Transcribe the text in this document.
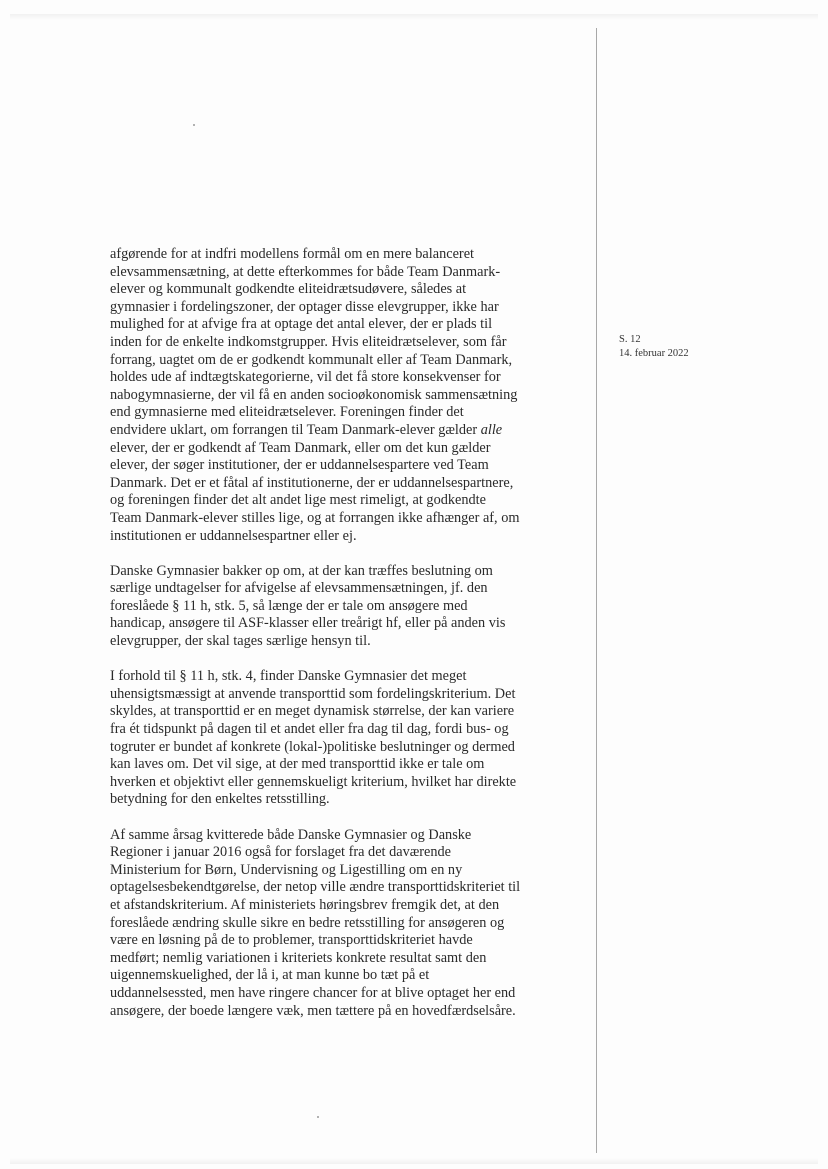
afgørende for at indfri modellens formål om en mere balanceret
elevsammensætning, at dette efterkommes for både Team Danmark-
elever og kommunalt godkendte eliteidrætsudøvere, således at
gymnasier i fordelingszoner, der optager disse elevgrupper, ikke har
mulighed for at afvige fra at optage det antal elever, der er plads til
inden for de enkelte indkomstgrupper. Hvis eliteidrætselever, som får
forrang, uagtet om de er godkendt kommunalt eller af Team Danmark,
holdes ude af indtægtskategorierne, vil det få store konsekvenser for
nabogymnasierne, der vil få en anden socioøkonomisk sammensætning
end gymnasierne med eliteidrætselever. Foreningen finder det
endvidere uklart, om forrangen til Team Danmark-elever gælder alle
elever, der er godkendt af Team Danmark, eller om det kun gælder
elever, der søger institutioner, der er uddannelsespartere ved Team
Danmark. Det er et fåtal af institutionerne, der er uddannelsespartnere,
og foreningen finder det alt andet lige mest rimeligt, at godkendte
Team Danmark-elever stilles lige, og at forrangen ikke afhænger af, om
institutionen er uddannelsespartner eller ej.

Danske Gymnasier bakker op om, at der kan træffes beslutning om
særlige undtagelser for afvigelse af elevsammensætningen, jf. den
foreslåede § 11 h, stk. 5, så længe der er tale om ansøgere med
handicap, ansøgere til ASF-klasser eller treårigt hf, eller på anden vis
elevgrupper, der skal tages særlige hensyn til.

I forhold til § 11 h, stk. 4, finder Danske Gymnasier det meget
uhensigtsmæssigt at anvende transporttid som fordelingskriterium. Det
skyldes, at transporttid er en meget dynamisk størrelse, der kan variere
fra ét tidspunkt på dagen til et andet eller fra dag til dag, fordi bus- og
togruter er bundet af konkrete (lokal-)politiske beslutninger og dermed
kan laves om. Det vil sige, at der med transporttid ikke er tale om
hverken et objektivt eller gennemskueligt kriterium, hvilket har direkte
betydning for den enkeltes retsstilling.

Af samme årsag kvitterede både Danske Gymnasier og Danske
Regioner i januar 2016 også for forslaget fra det daværende
Ministerium for Børn, Undervisning og Ligestilling om en ny
optagelsesbekendtgørelse, der netop ville ændre transporttidskriteriet til
et afstandskriterium. Af ministeriets høringsbrev fremgik det, at den
foreslåede ændring skulle sikre en bedre retsstilling for ansøgeren og
være en løsning på de to problemer, transporttidskriteriet havde
medført; nemlig variationen i kriteriets konkrete resultat samt den
uigennemskuelighed, der lå i, at man kunne bo tæt på et
uddannelsessted, men have ringere chancer for at blive optaget her end
ansøgere, der boede længere væk, men tættere på en hovedfærdselsåre.

S. 12
14. februar 2022
